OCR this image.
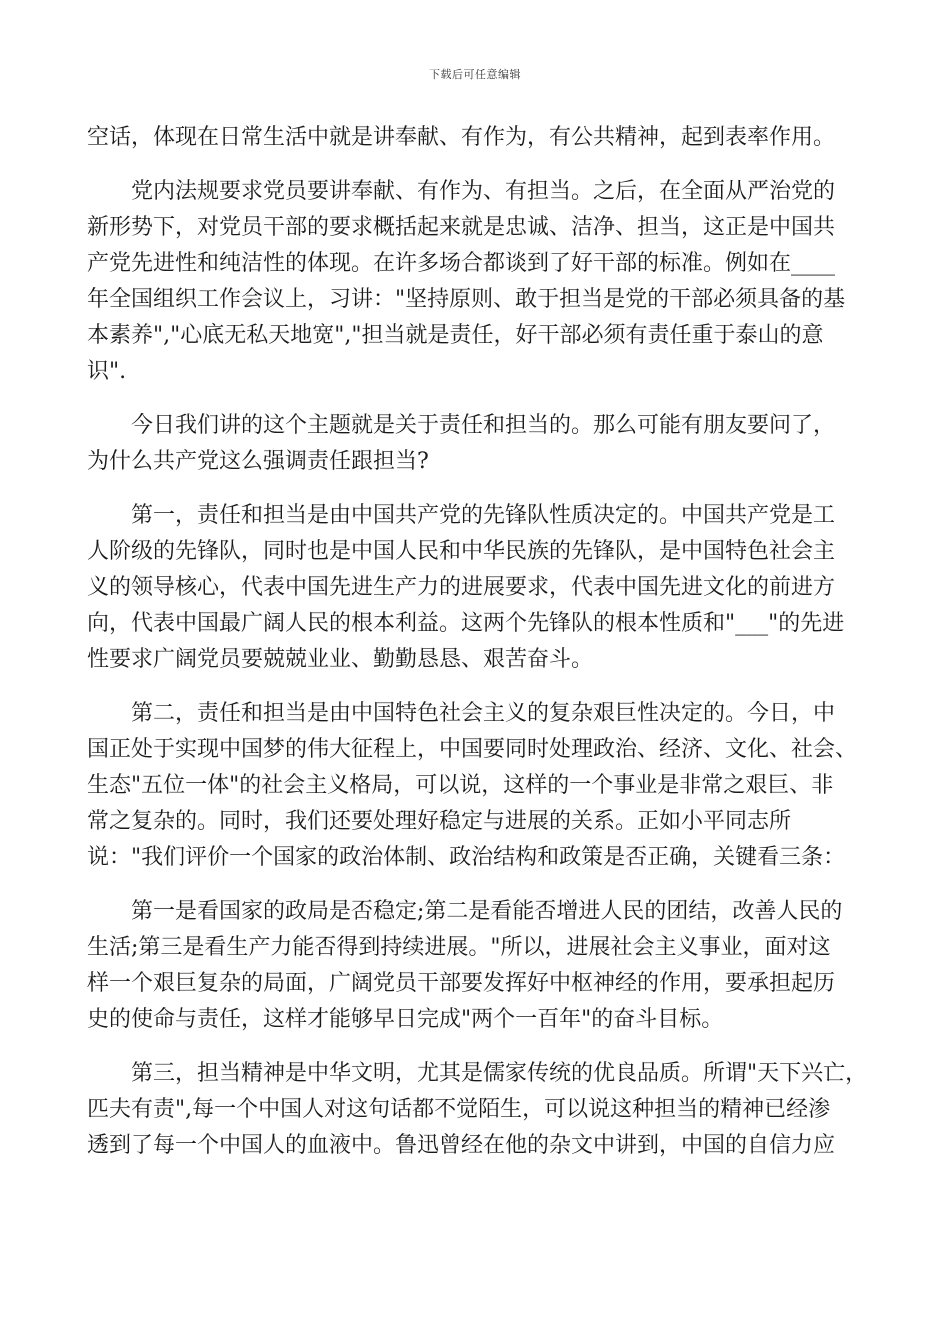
下载后可任意编辑

空话，体现在日常生活中就是讲奉献、有作为，有公共精神，起到表率作用。

党内法规要求党员要讲奉献、有作为、有担当。之后，在全面从严治党的
新形势下，对党员干部的要求概括起来就是忠诚、洁净、担当，这正是中国共
产党先进性和纯洁性的体现。在许多场合都谈到了好干部的标准。例如在____
年全国组织工作会议上，习讲："坚持原则、敢于担当是党的干部必须具备的基
本素养","心底无私天地宽","担当就是责任，好干部必须有责任重于泰山的意
识".

今日我们讲的这个主题就是关于责任和担当的。那么可能有朋友要问了，
为什么共产党这么强调责任跟担当?

第一，责任和担当是由中国共产党的先锋队性质决定的。中国共产党是工
人阶级的先锋队，同时也是中国人民和中华民族的先锋队，是中国特色社会主
义的领导核心，代表中国先进生产力的进展要求，代表中国先进文化的前进方
向，代表中国最广阔人民的根本利益。这两个先锋队的根本性质和"___"的先进
性要求广阔党员要兢兢业业、勤勤恳恳、艰苦奋斗。

第二，责任和担当是由中国特色社会主义的复杂艰巨性决定的。今日，中
国正处于实现中国梦的伟大征程上，中国要同时处理政治、经济、文化、社会、
生态"五位一体"的社会主义格局，可以说，这样的一个事业是非常之艰巨、非
常之复杂的。同时，我们还要处理好稳定与进展的关系。正如小平同志所
说："我们评价一个国家的政治体制、政治结构和政策是否正确，关键看三条：

第一是看国家的政局是否稳定;第二是看能否增进人民的团结，改善人民的
生活;第三是看生产力能否得到持续进展。"所以，进展社会主义事业，面对这
样一个艰巨复杂的局面，广阔党员干部要发挥好中枢神经的作用，要承担起历
史的使命与责任，这样才能够早日完成"两个一百年"的奋斗目标。

第三，担当精神是中华文明，尤其是儒家传统的优良品质。所谓"天下兴亡，
匹夫有责",每一个中国人对这句话都不觉陌生，可以说这种担当的精神已经渗
透到了每一个中国人的血液中。鲁迅曾经在他的杂文中讲到，中国的自信力应
